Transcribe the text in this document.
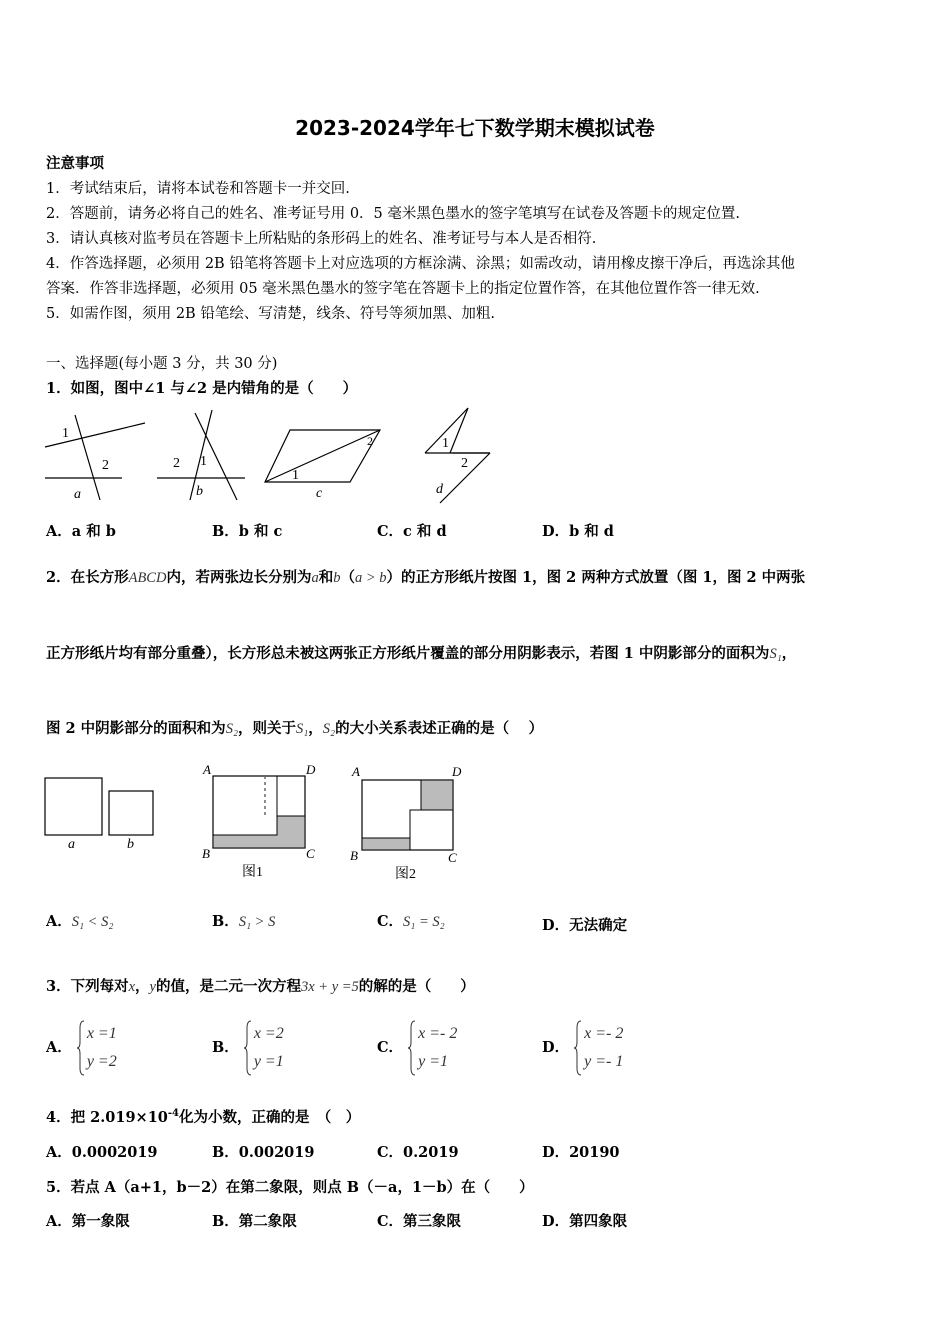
2023-2024学年七下数学期末模拟试卷
注意事项
1．考试结束后，请将本试卷和答题卡一并交回.
2．答题前，请务必将自己的姓名、准考证号用 0．5 毫米黑色墨水的签字笔填写在试卷及答题卡的规定位置.
3．请认真核对监考员在答题卡上所粘贴的条形码上的姓名、准考证号与本人是否相符.
4．作答选择题，必须用 2B 铅笔将答题卡上对应选项的方框涂满、涂黑；如需改动，请用橡皮擦干净后，再选涂其他
答案．作答非选择题，必须用 05 毫米黑色墨水的签字笔在答题卡上的指定位置作答，在其他位置作答一律无效.
5．如需作图，须用 2B 铅笔绘、写清楚，线条、符号等须加黑、加粗.
一、选择题(每小题 3 分，共 30 分)
1．如图，图中∠1 与∠2 是内错角的是（　　）
1
2
a
2 1
b
2
1
c
1
2
d
A．a 和 b	B．b 和 c	C．c 和 d	D．b 和 d
2．在长方形ABCD内，若两张边长分别为a和b（a > b）的正方形纸片按图 1，图 2 两种方式放置（图 1，图 2 中两张
正方形纸片均有部分重叠），长方形总未被这两张正方形纸片覆盖的部分用阴影表示，若图 1 中阴影部分的面积为S₁，
图 2 中阴影部分的面积和为S₂，则关于S₁，S₂的大小关系表述正确的是（　 ）
a	b
A	D
B	C
图1
A	D
B	C
图2
A．S₁ < S₂	B．S₁ > S	C．S₁ = S₂	D．无法确定
3．下列每对x，y的值，是二元一次方程3x + y =5的解的是（　　）
A．
x =1
y =2
B．
x =2
y =1
C．
x =- 2
y =1
D．
x =- 2
y =- 1
4．把 $2.019\times 10^{-4}$化为小数，正确的是　（　）
A．0.0002019	B．0.002019	C．0.2019	D．20190
5．若点 A（a+1，b－2）在第二象限，则点 B（－a，1－b）在（　　）
A．第一象限	B．第二象限	C．第三象限	D．第四象限
